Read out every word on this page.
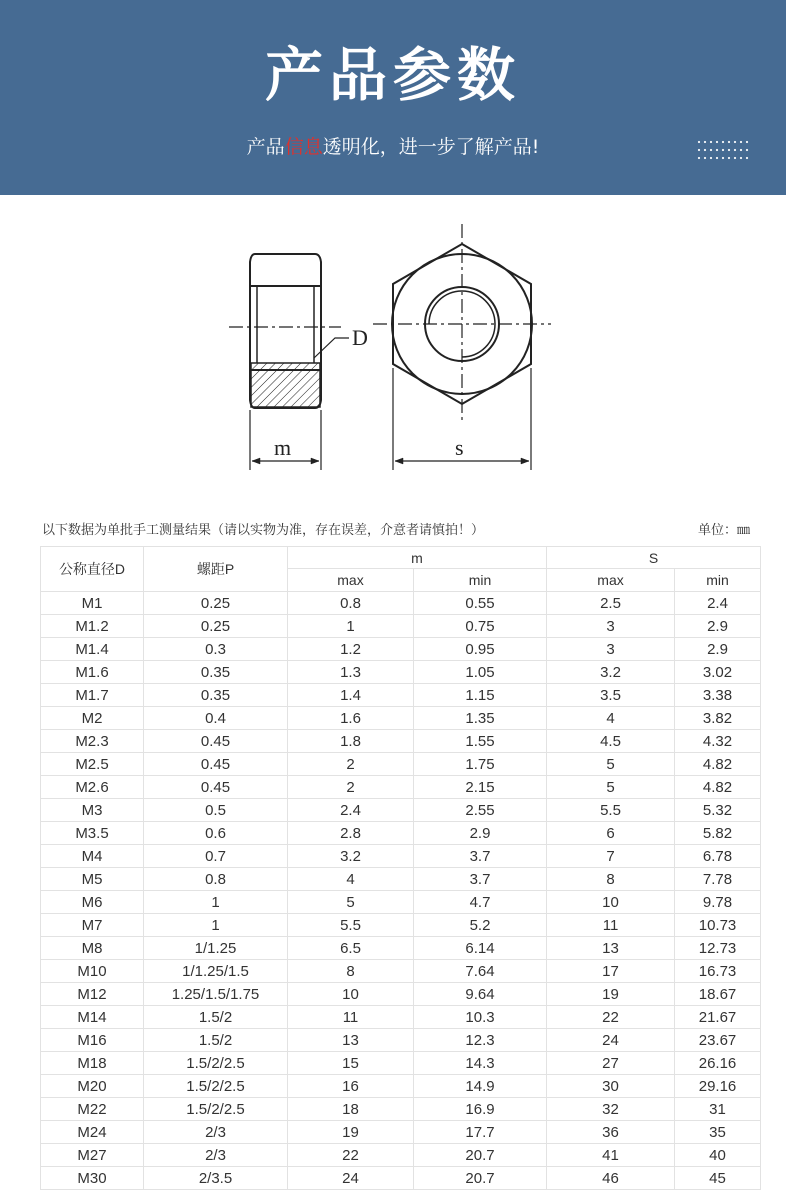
产品参数
产品信息透明化，进一步了解产品!
D
m	s
以下数据为单批手工测量结果（请以实物为准，存在误差，介意者请慎拍！）	单位：㎜
公称直径D	螺距P	m		S	
		max	min	max	min
M1	0.25	0.8	0.55	2.5	2.4
M1.2	0.25	1	0.75	3	2.9
M1.4	0.3	1.2	0.95	3	2.9
M1.6	0.35	1.3	1.05	3.2	3.02
M1.7	0.35	1.4	1.15	3.5	3.38
M2	0.4	1.6	1.35	4	3.82
M2.3	0.45	1.8	1.55	4.5	4.32
M2.5	0.45	2	1.75	5	4.82
M2.6	0.45	2	2.15	5	4.82
M3	0.5	2.4	2.55	5.5	5.32
M3.5	0.6	2.8	2.9	6	5.82
M4	0.7	3.2	3.7	7	6.78
M5	0.8	4	3.7	8	7.78
M6	1	5	4.7	10	9.78
M7	1	5.5	5.2	11	10.73
M8	1/1.25	6.5	6.14	13	12.73
M10	1/1.25/1.5	8	7.64	17	16.73
M12	1.25/1.5/1.75	10	9.64	19	18.67
M14	1.5/2	11	10.3	22	21.67
M16	1.5/2	13	12.3	24	23.67
M18	1.5/2/2.5	15	14.3	27	26.16
M20	1.5/2/2.5	16	14.9	30	29.16
M22	1.5/2/2.5	18	16.9	32	31
M24	2/3	19	17.7	36	35
M27	2/3	22	20.7	41	40
M30	2/3.5	24	20.7	46	45
